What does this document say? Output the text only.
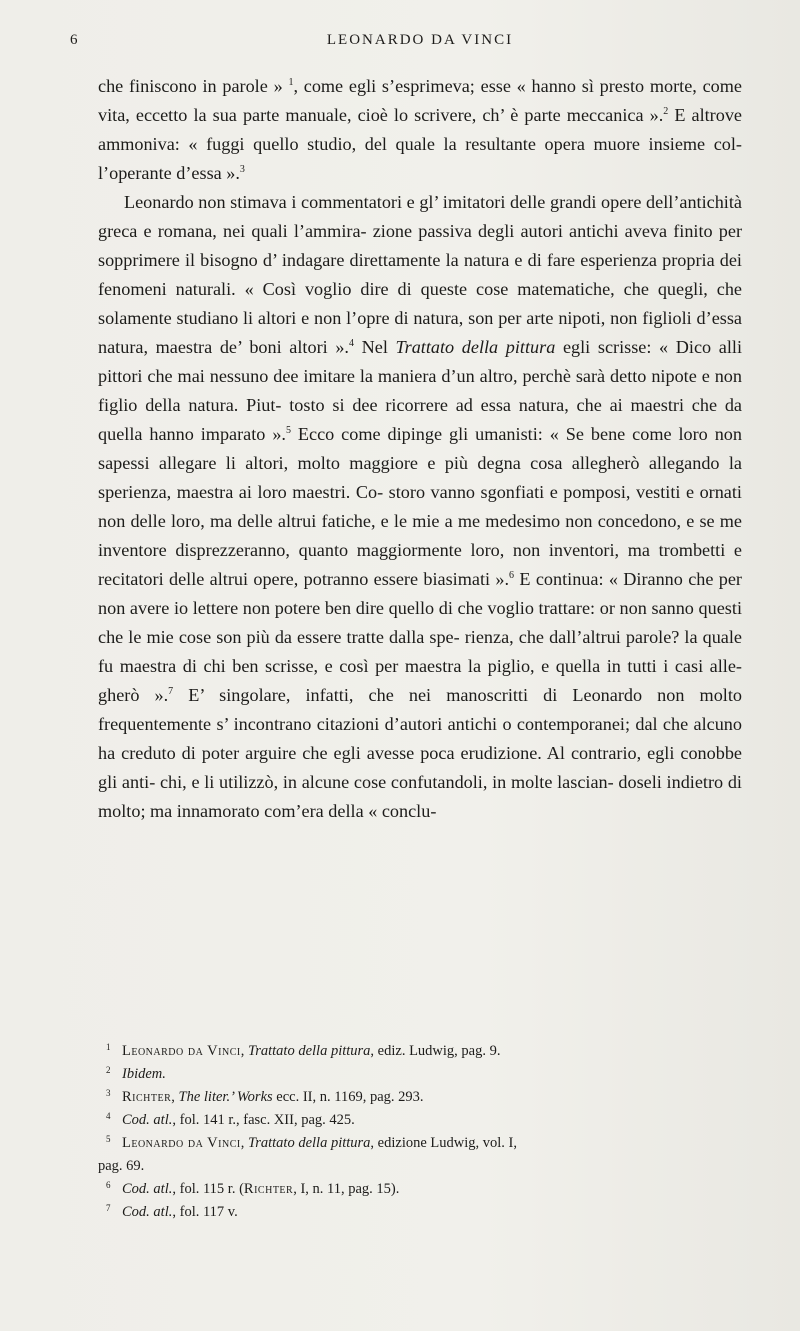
6	LEONARDO DA VINCI

che finiscono in parole » $^1$, come egli s’esprimeva; esse « hanno sì presto morte, come vita, eccetto la sua parte manuale, cioè lo scrivere, ch’ è parte meccanica ».$^2$ E altrove ammoniva: « fuggi quello studio, del quale la resultante opera muore insieme col- l’operante d’essa ».$^3$

Leonardo non stimava i commentatori e gl’ imitatori delle grandi opere dell’antichità greca e romana, nei quali l’ammira- zione passiva degli autori antichi aveva finito per sopprimere il bisogno d’ indagare direttamente la natura e di fare esperienza propria dei fenomeni naturali. « Così voglio dire di queste cose matematiche, che quegli, che solamente studiano li altori e non l’opre di natura, son per arte nipoti, non figlioli d’essa natura, maestra de’ boni altori ».$^4$ Nel Trattato della pittura egli scrisse: « Dico alli pittori che mai nessuno dee imitare la maniera d’un altro, perchè sarà detto nipote e non figlio della natura. Piut- tosto si dee ricorrere ad essa natura, che ai maestri che da quella hanno imparato ».$^5$ Ecco come dipinge gli umanisti: « Se bene come loro non sapessi allegare li altori, molto maggiore e più degna cosa allegherò allegando la sperienza, maestra ai loro maestri. Co- storo vanno sgonfiati e pomposi, vestiti e ornati non delle loro, ma delle altrui fatiche, e le mie a me medesimo non concedono, e se me inventore disprezzeranno, quanto maggiormente loro, non inventori, ma trombetti e recitatori delle altrui opere, potranno essere biasimati ».$^6$ E continua: « Diranno che per non avere io lettere non potere ben dire quello di che voglio trattare: or non sanno questi che le mie cose son più da essere tratte dalla spe- rienza, che dall’altrui parole? la quale fu maestra di chi ben scrisse, e così per maestra la piglio, e quella in tutti i casi alle- gherò ».$^7$ E’ singolare, infatti, che nei manoscritti di Leonardo non molto frequentemente s’ incontrano citazioni d’autori antichi o contemporanei; dal che alcuno ha creduto di poter arguire che egli avesse poca erudizione. Al contrario, egli conobbe gli anti- chi, e li utilizzò, in alcune cose confutandoli, in molte lascian- doseli indietro di molto; ma innamorato com’era della « conclu-

1 Leonardo da Vinci, Trattato della pittura, ediz. Ludwig, pag. 9.
2 Ibidem.
3 Richter, The liter.’ Works ecc. II, n. 1169, pag. 293.
4 Cod. atl., fol. 141 r., fasc. XII, pag. 425.
5 Leonardo da Vinci, Trattato della pittura, edizione Ludwig, vol. I,
pag. 69.
6 Cod. atl., fol. 115 r. (Richter, I, n. 11, pag. 15).
7 Cod. atl., fol. 117 v.
